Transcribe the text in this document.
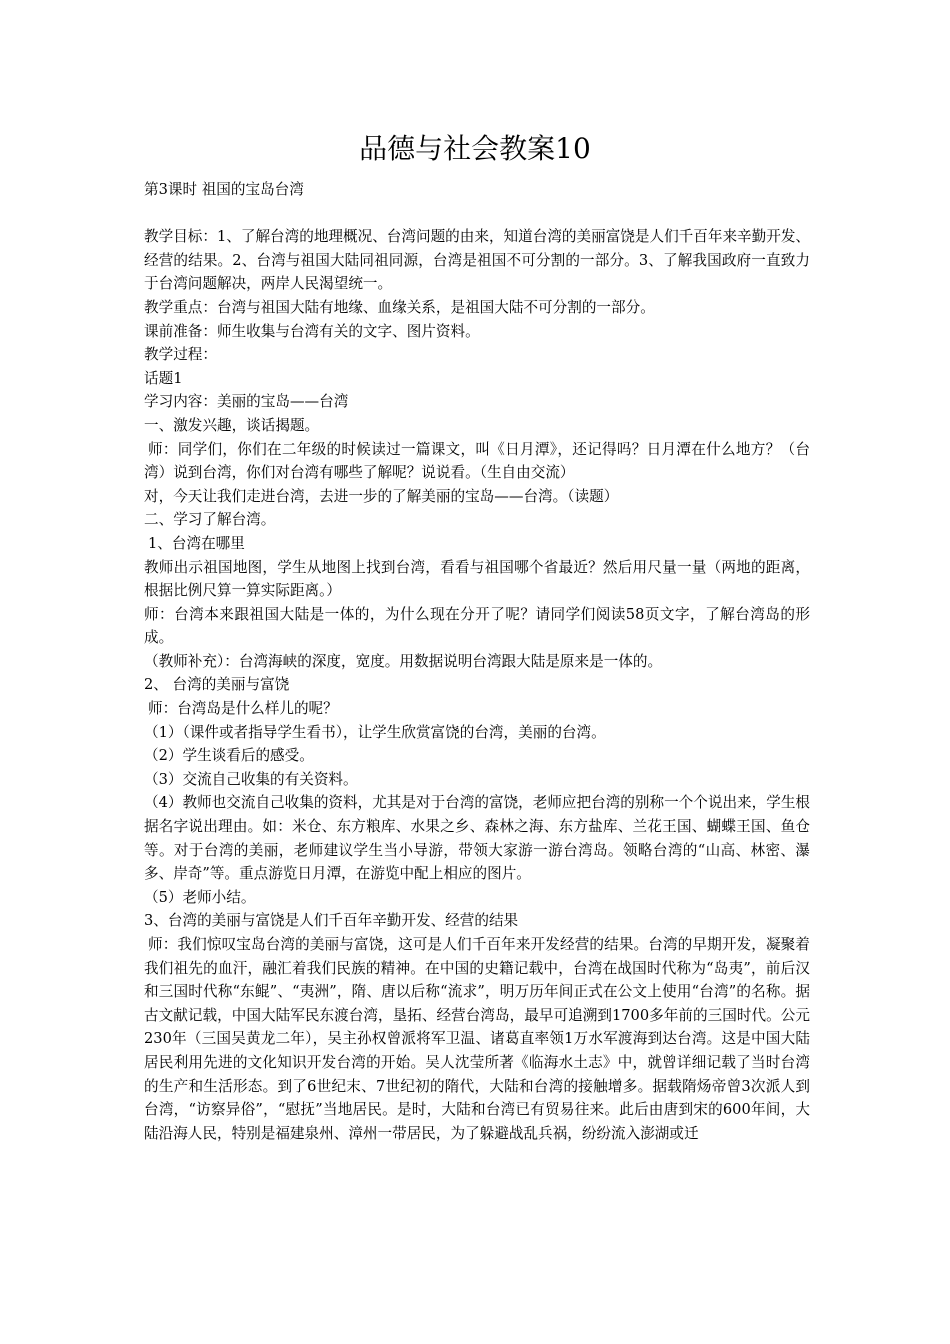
品德与社会教案10

第3课时 祖国的宝岛台湾

教学目标：1、了解台湾的地理概况、台湾问题的由来，知道台湾的美丽富饶是人们千百年来辛勤开发、经营的结果。2、台湾与祖国大陆同祖同源，台湾是祖国不可分割的一部分。3、了解我国政府一直致力于台湾问题解决，两岸人民渴望统一。

教学重点：台湾与祖国大陆有地缘、血缘关系，是祖国大陆不可分割的一部分。

课前准备：师生收集与台湾有关的文字、图片资料。

教学过程：

话题1

学习内容：美丽的宝岛——台湾

一、激发兴趣，谈话揭题。

师：同学们，你们在二年级的时候读过一篇课文，叫《日月潭》，还记得吗？日月潭在什么地方？（台湾）说到台湾，你们对台湾有哪些了解呢？说说看。（生自由交流）

对，今天让我们走进台湾，去进一步的了解美丽的宝岛——台湾。（读题）

二、学习了解台湾。

1、台湾在哪里

教师出示祖国地图，学生从地图上找到台湾，看看与祖国哪个省最近？然后用尺量一量（两地的距离，根据比例尺算一算实际距离。）

师：台湾本来跟祖国大陆是一体的，为什么现在分开了呢？请同学们阅读58页文字，了解台湾岛的形成。

（教师补充）：台湾海峡的深度，宽度。用数据说明台湾跟大陆是原来是一体的。

2、 台湾的美丽与富饶

师：台湾岛是什么样儿的呢？

（1）（课件或者指导学生看书），让学生欣赏富饶的台湾，美丽的台湾。

（2）学生谈看后的感受。

（3）交流自己收集的有关资料。

（4）教师也交流自己收集的资料，尤其是对于台湾的富饶，老师应把台湾的别称一个个说出来，学生根据名字说出理由。如：米仓、东方粮库、水果之乡、森林之海、东方盐库、兰花王国、蝴蝶王国、鱼仓等。对于台湾的美丽，老师建议学生当小导游，带领大家游一游台湾岛。领略台湾的“山高、林密、瀑多、岸奇”等。重点游览日月潭，在游览中配上相应的图片。

（5）老师小结。

3、台湾的美丽与富饶是人们千百年辛勤开发、经营的结果

师：我们惊叹宝岛台湾的美丽与富饶，这可是人们千百年来开发经营的结果。台湾的早期开发，凝聚着我们祖先的血汗，融汇着我们民族的精神。在中国的史籍记载中，台湾在战国时代称为“岛夷”，前后汉和三国时代称“东鲲”、“夷洲”，隋、唐以后称“流求”，明万历年间正式在公文上使用“台湾”的名称。据古文献记载，中国大陆军民东渡台湾，垦拓、经营台湾岛，最早可追溯到1700多年前的三国时代。公元230年（三国吴黄龙二年），吴主孙权曾派将军卫温、诸葛直率领1万水军渡海到达台湾。这是中国大陆居民利用先进的文化知识开发台湾的开始。吴人沈莹所著《临海水土志》中，就曾详细记载了当时台湾的生产和生活形态。到了6世纪末、7世纪初的隋代，大陆和台湾的接触增多。据载隋炀帝曾3次派人到台湾，“访察异俗”，“慰抚”当地居民。是时，大陆和台湾已有贸易往来。此后由唐到宋的600年间，大陆沿海人民，特别是福建泉州、漳州一带居民，为了躲避战乱兵祸，纷纷流入澎湖或迁
